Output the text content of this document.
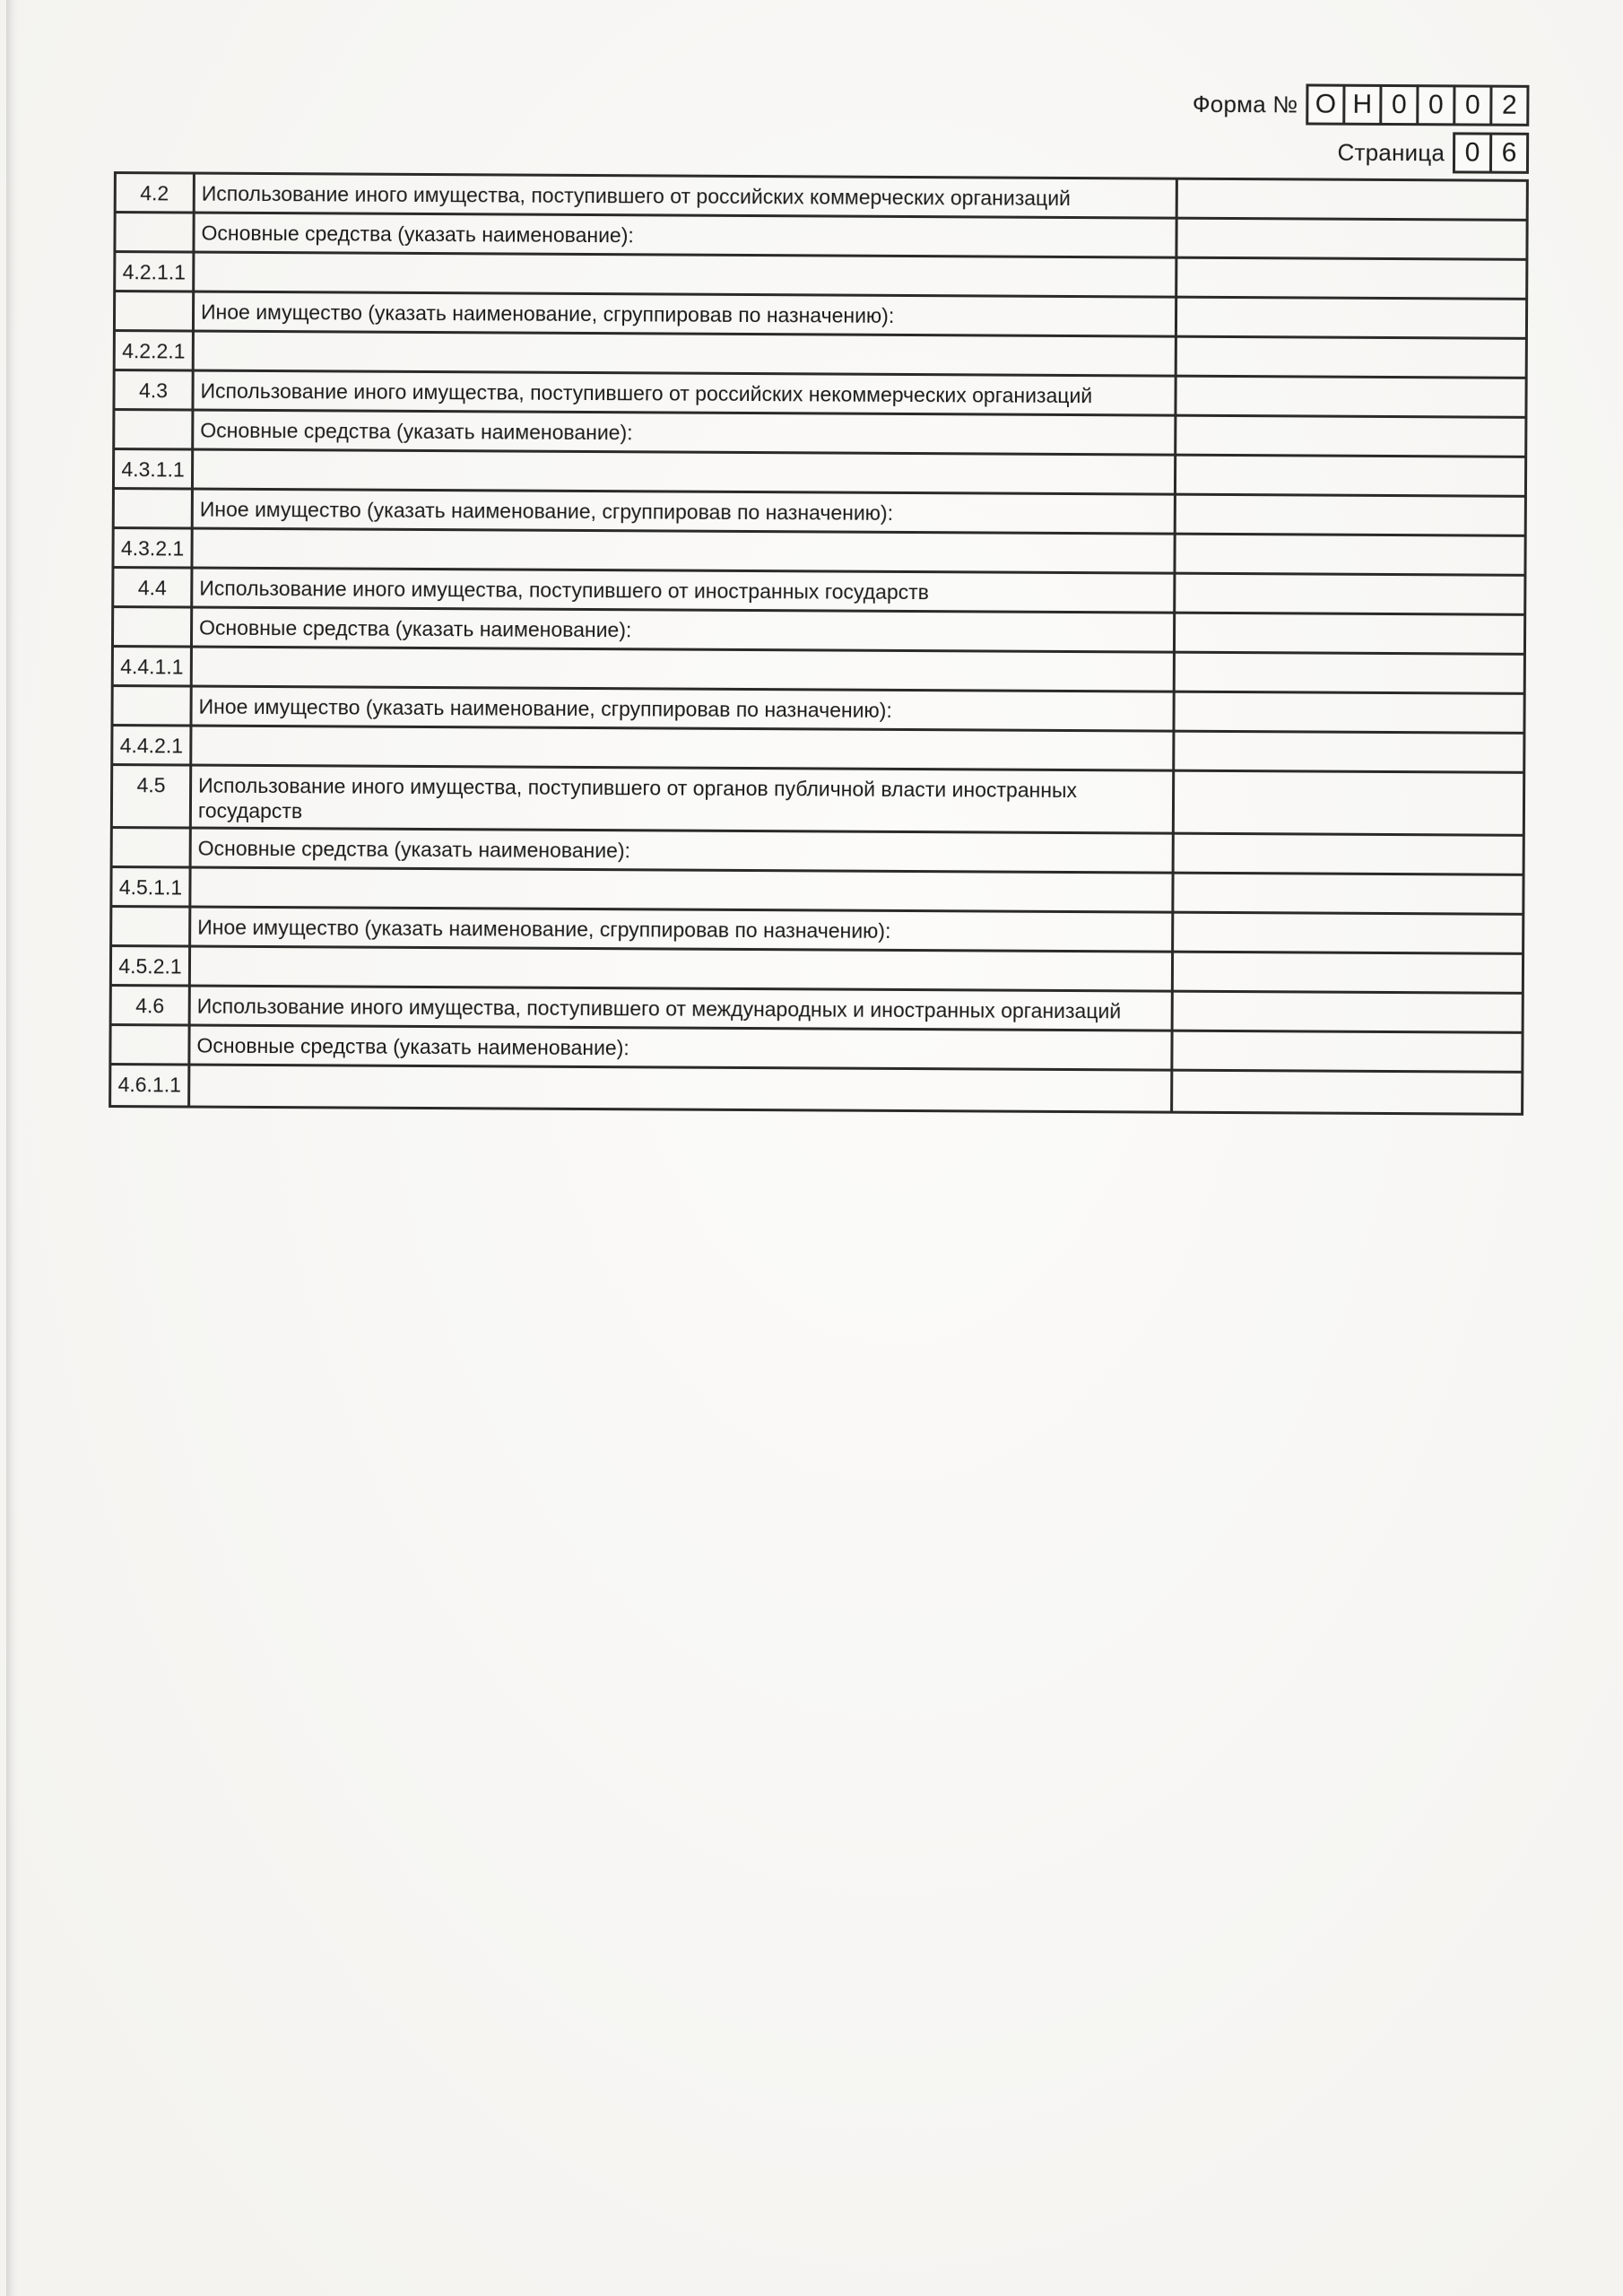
Форма № О Н 0 0 0 2
Страница 0 6
4.2	Использование иного имущества, поступившего от российских коммерческих организаций
Основные средства (указать наименование):
4.2.1.1
Иное имущество (указать наименование, сгруппировав по назначению):
4.2.2.1
4.3	Использование иного имущества, поступившего от российских некоммерческих организаций
Основные средства (указать наименование):
4.3.1.1
Иное имущество (указать наименование, сгруппировав по назначению):
4.3.2.1
4.4	Использование иного имущества, поступившего от иностранных государств
Основные средства (указать наименование):
4.4.1.1
Иное имущество (указать наименование, сгруппировав по назначению):
4.4.2.1
4.5	Использование иного имущества, поступившего от органов публичной власти иностранных
государств
Основные средства (указать наименование):
4.5.1.1
Иное имущество (указать наименование, сгруппировав по назначению):
4.5.2.1
4.6	Использование иного имущества, поступившего от международных и иностранных организаций
Основные средства (указать наименование):
4.6.1.1
